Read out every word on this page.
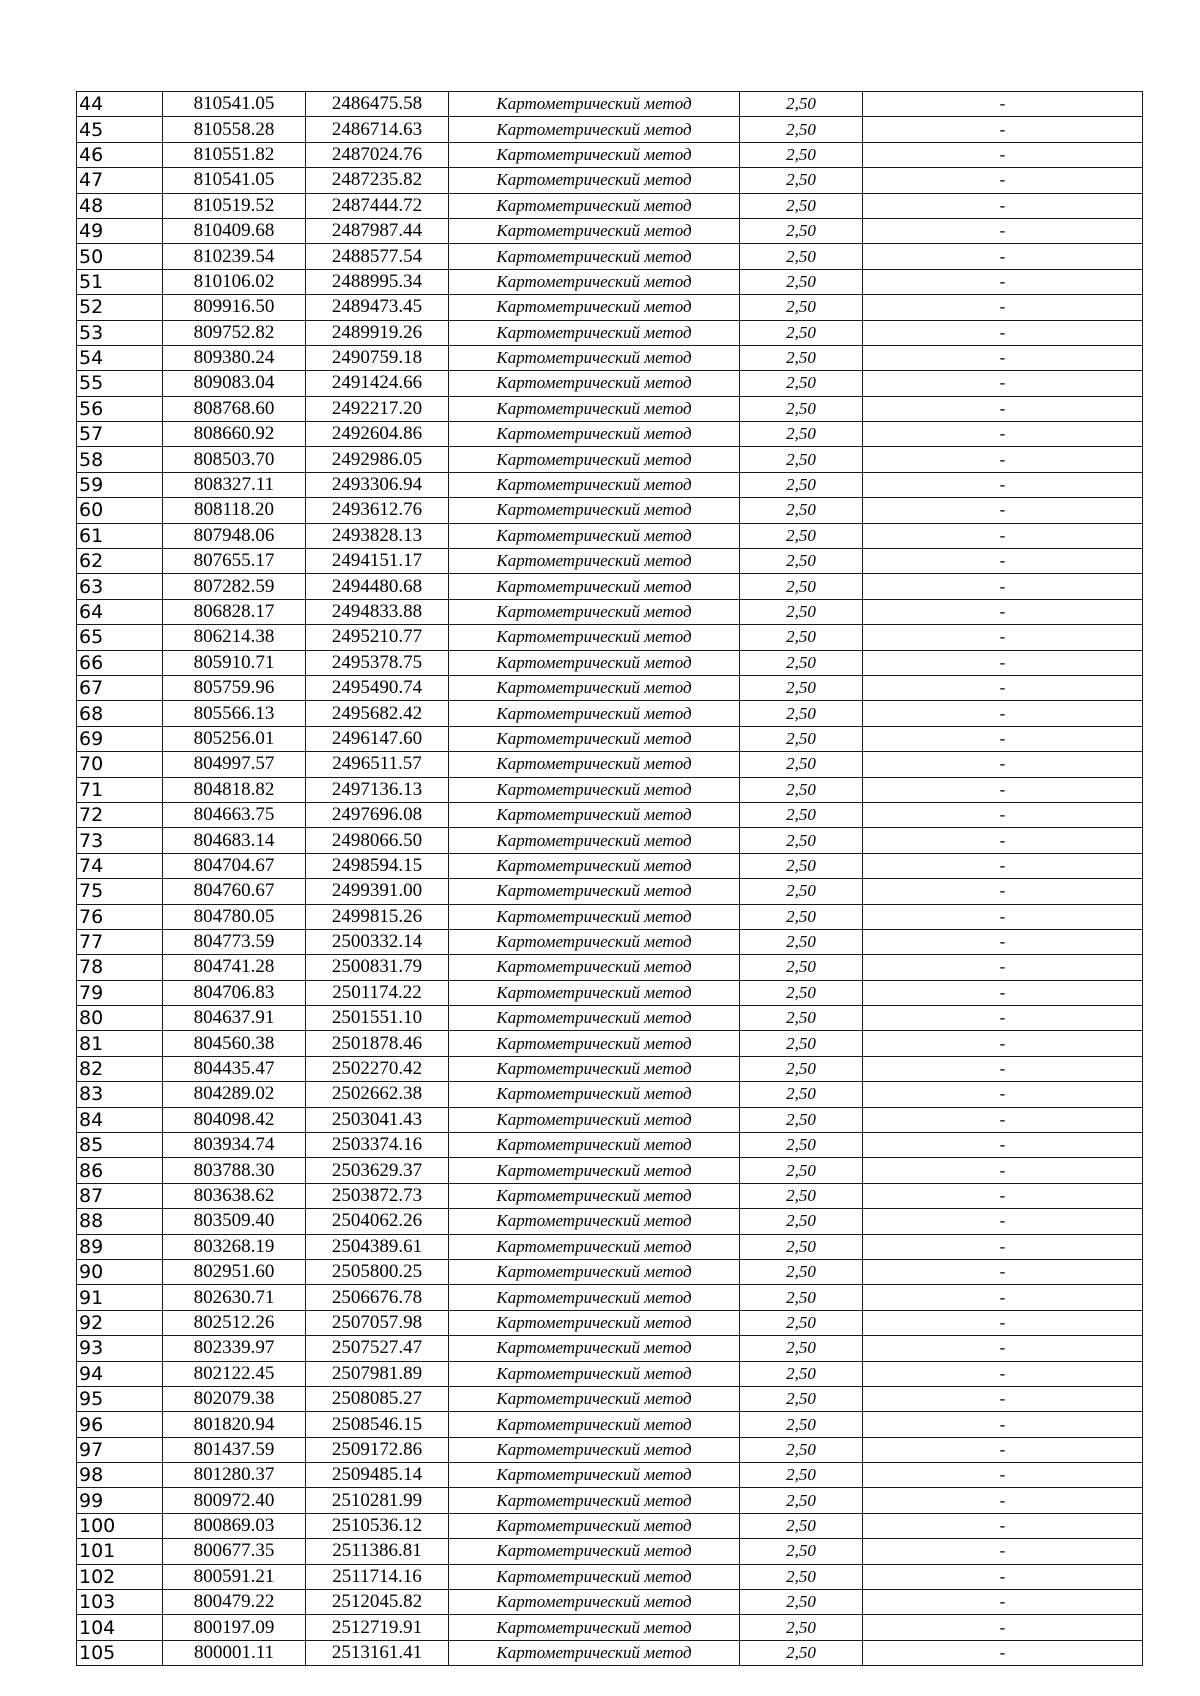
44	810541.05	2486475.58	Картометрический метод	2,50	-
45	810558.28	2486714.63	Картометрический метод	2,50	-
46	810551.82	2487024.76	Картометрический метод	2,50	-
47	810541.05	2487235.82	Картометрический метод	2,50	-
48	810519.52	2487444.72	Картометрический метод	2,50	-
49	810409.68	2487987.44	Картометрический метод	2,50	-
50	810239.54	2488577.54	Картометрический метод	2,50	-
51	810106.02	2488995.34	Картометрический метод	2,50	-
52	809916.50	2489473.45	Картометрический метод	2,50	-
53	809752.82	2489919.26	Картометрический метод	2,50	-
54	809380.24	2490759.18	Картометрический метод	2,50	-
55	809083.04	2491424.66	Картометрический метод	2,50	-
56	808768.60	2492217.20	Картометрический метод	2,50	-
57	808660.92	2492604.86	Картометрический метод	2,50	-
58	808503.70	2492986.05	Картометрический метод	2,50	-
59	808327.11	2493306.94	Картометрический метод	2,50	-
60	808118.20	2493612.76	Картометрический метод	2,50	-
61	807948.06	2493828.13	Картометрический метод	2,50	-
62	807655.17	2494151.17	Картометрический метод	2,50	-
63	807282.59	2494480.68	Картометрический метод	2,50	-
64	806828.17	2494833.88	Картометрический метод	2,50	-
65	806214.38	2495210.77	Картометрический метод	2,50	-
66	805910.71	2495378.75	Картометрический метод	2,50	-
67	805759.96	2495490.74	Картометрический метод	2,50	-
68	805566.13	2495682.42	Картометрический метод	2,50	-
69	805256.01	2496147.60	Картометрический метод	2,50	-
70	804997.57	2496511.57	Картометрический метод	2,50	-
71	804818.82	2497136.13	Картометрический метод	2,50	-
72	804663.75	2497696.08	Картометрический метод	2,50	-
73	804683.14	2498066.50	Картометрический метод	2,50	-
74	804704.67	2498594.15	Картометрический метод	2,50	-
75	804760.67	2499391.00	Картометрический метод	2,50	-
76	804780.05	2499815.26	Картометрический метод	2,50	-
77	804773.59	2500332.14	Картометрический метод	2,50	-
78	804741.28	2500831.79	Картометрический метод	2,50	-
79	804706.83	2501174.22	Картометрический метод	2,50	-
80	804637.91	2501551.10	Картометрический метод	2,50	-
81	804560.38	2501878.46	Картометрический метод	2,50	-
82	804435.47	2502270.42	Картометрический метод	2,50	-
83	804289.02	2502662.38	Картометрический метод	2,50	-
84	804098.42	2503041.43	Картометрический метод	2,50	-
85	803934.74	2503374.16	Картометрический метод	2,50	-
86	803788.30	2503629.37	Картометрический метод	2,50	-
87	803638.62	2503872.73	Картометрический метод	2,50	-
88	803509.40	2504062.26	Картометрический метод	2,50	-
89	803268.19	2504389.61	Картометрический метод	2,50	-
90	802951.60	2505800.25	Картометрический метод	2,50	-
91	802630.71	2506676.78	Картометрический метод	2,50	-
92	802512.26	2507057.98	Картометрический метод	2,50	-
93	802339.97	2507527.47	Картометрический метод	2,50	-
94	802122.45	2507981.89	Картометрический метод	2,50	-
95	802079.38	2508085.27	Картометрический метод	2,50	-
96	801820.94	2508546.15	Картометрический метод	2,50	-
97	801437.59	2509172.86	Картометрический метод	2,50	-
98	801280.37	2509485.14	Картометрический метод	2,50	-
99	800972.40	2510281.99	Картометрический метод	2,50	-
100	800869.03	2510536.12	Картометрический метод	2,50	-
101	800677.35	2511386.81	Картометрический метод	2,50	-
102	800591.21	2511714.16	Картометрический метод	2,50	-
103	800479.22	2512045.82	Картометрический метод	2,50	-
104	800197.09	2512719.91	Картометрический метод	2,50	-
105	800001.11	2513161.41	Картометрический метод	2,50	-
